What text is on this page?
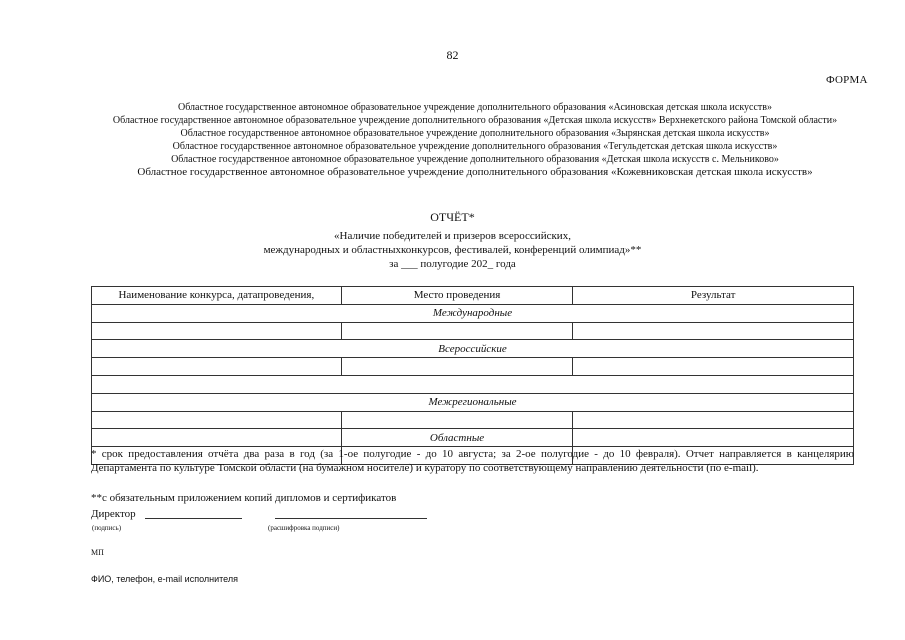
82
ФОРМА
Областное государственное автономное образовательное учреждение дополнительного образования «Асиновская детская школа искусств»
Областное государственное автономное образовательное учреждение дополнительного образования «Детская школа искусств» Верхнекетского района Томской области»
Областное государственное автономное образовательное учреждение дополнительного образования «Зырянская детская школа искусств»
Областное государственное автономное образовательное учреждение дополнительного образования «Тегульдетская детская школа искусств»
Областное государственное автономное образовательное учреждение дополнительного образования «Детская школа искусств с. Мельниково»
Областное государственное автономное образовательное учреждение дополнительного образования «Кожевниковская детская школа искусств»
ОТЧЁТ*
«Наличие победителей и призеров всероссийских,
международных и областныхконкурсов, фестивалей, конференций олимпиад»**
за ___ полугодие 202_ года
Наименование конкурса, датапроведения,	Место проведения	Результат
Международные		

Всероссийские		

Межрегиональные		

	Областные	

* срок предоставления отчёта два раза в год (за 1-ое полугодие - до 10 августа; за 2-ое полугодие - до 10 февраля). Отчет направляется в канцелярию Департамента по культуре Томской области (на бумажном носителе) и куратору по соответствующему направлению деятельности (по e-mail).
**с обязательным приложением копий дипломов и сертификатов
Директор
(подпись)	(расшифровка подписи)
МП
ФИО, телефон, e-mail исполнителя
